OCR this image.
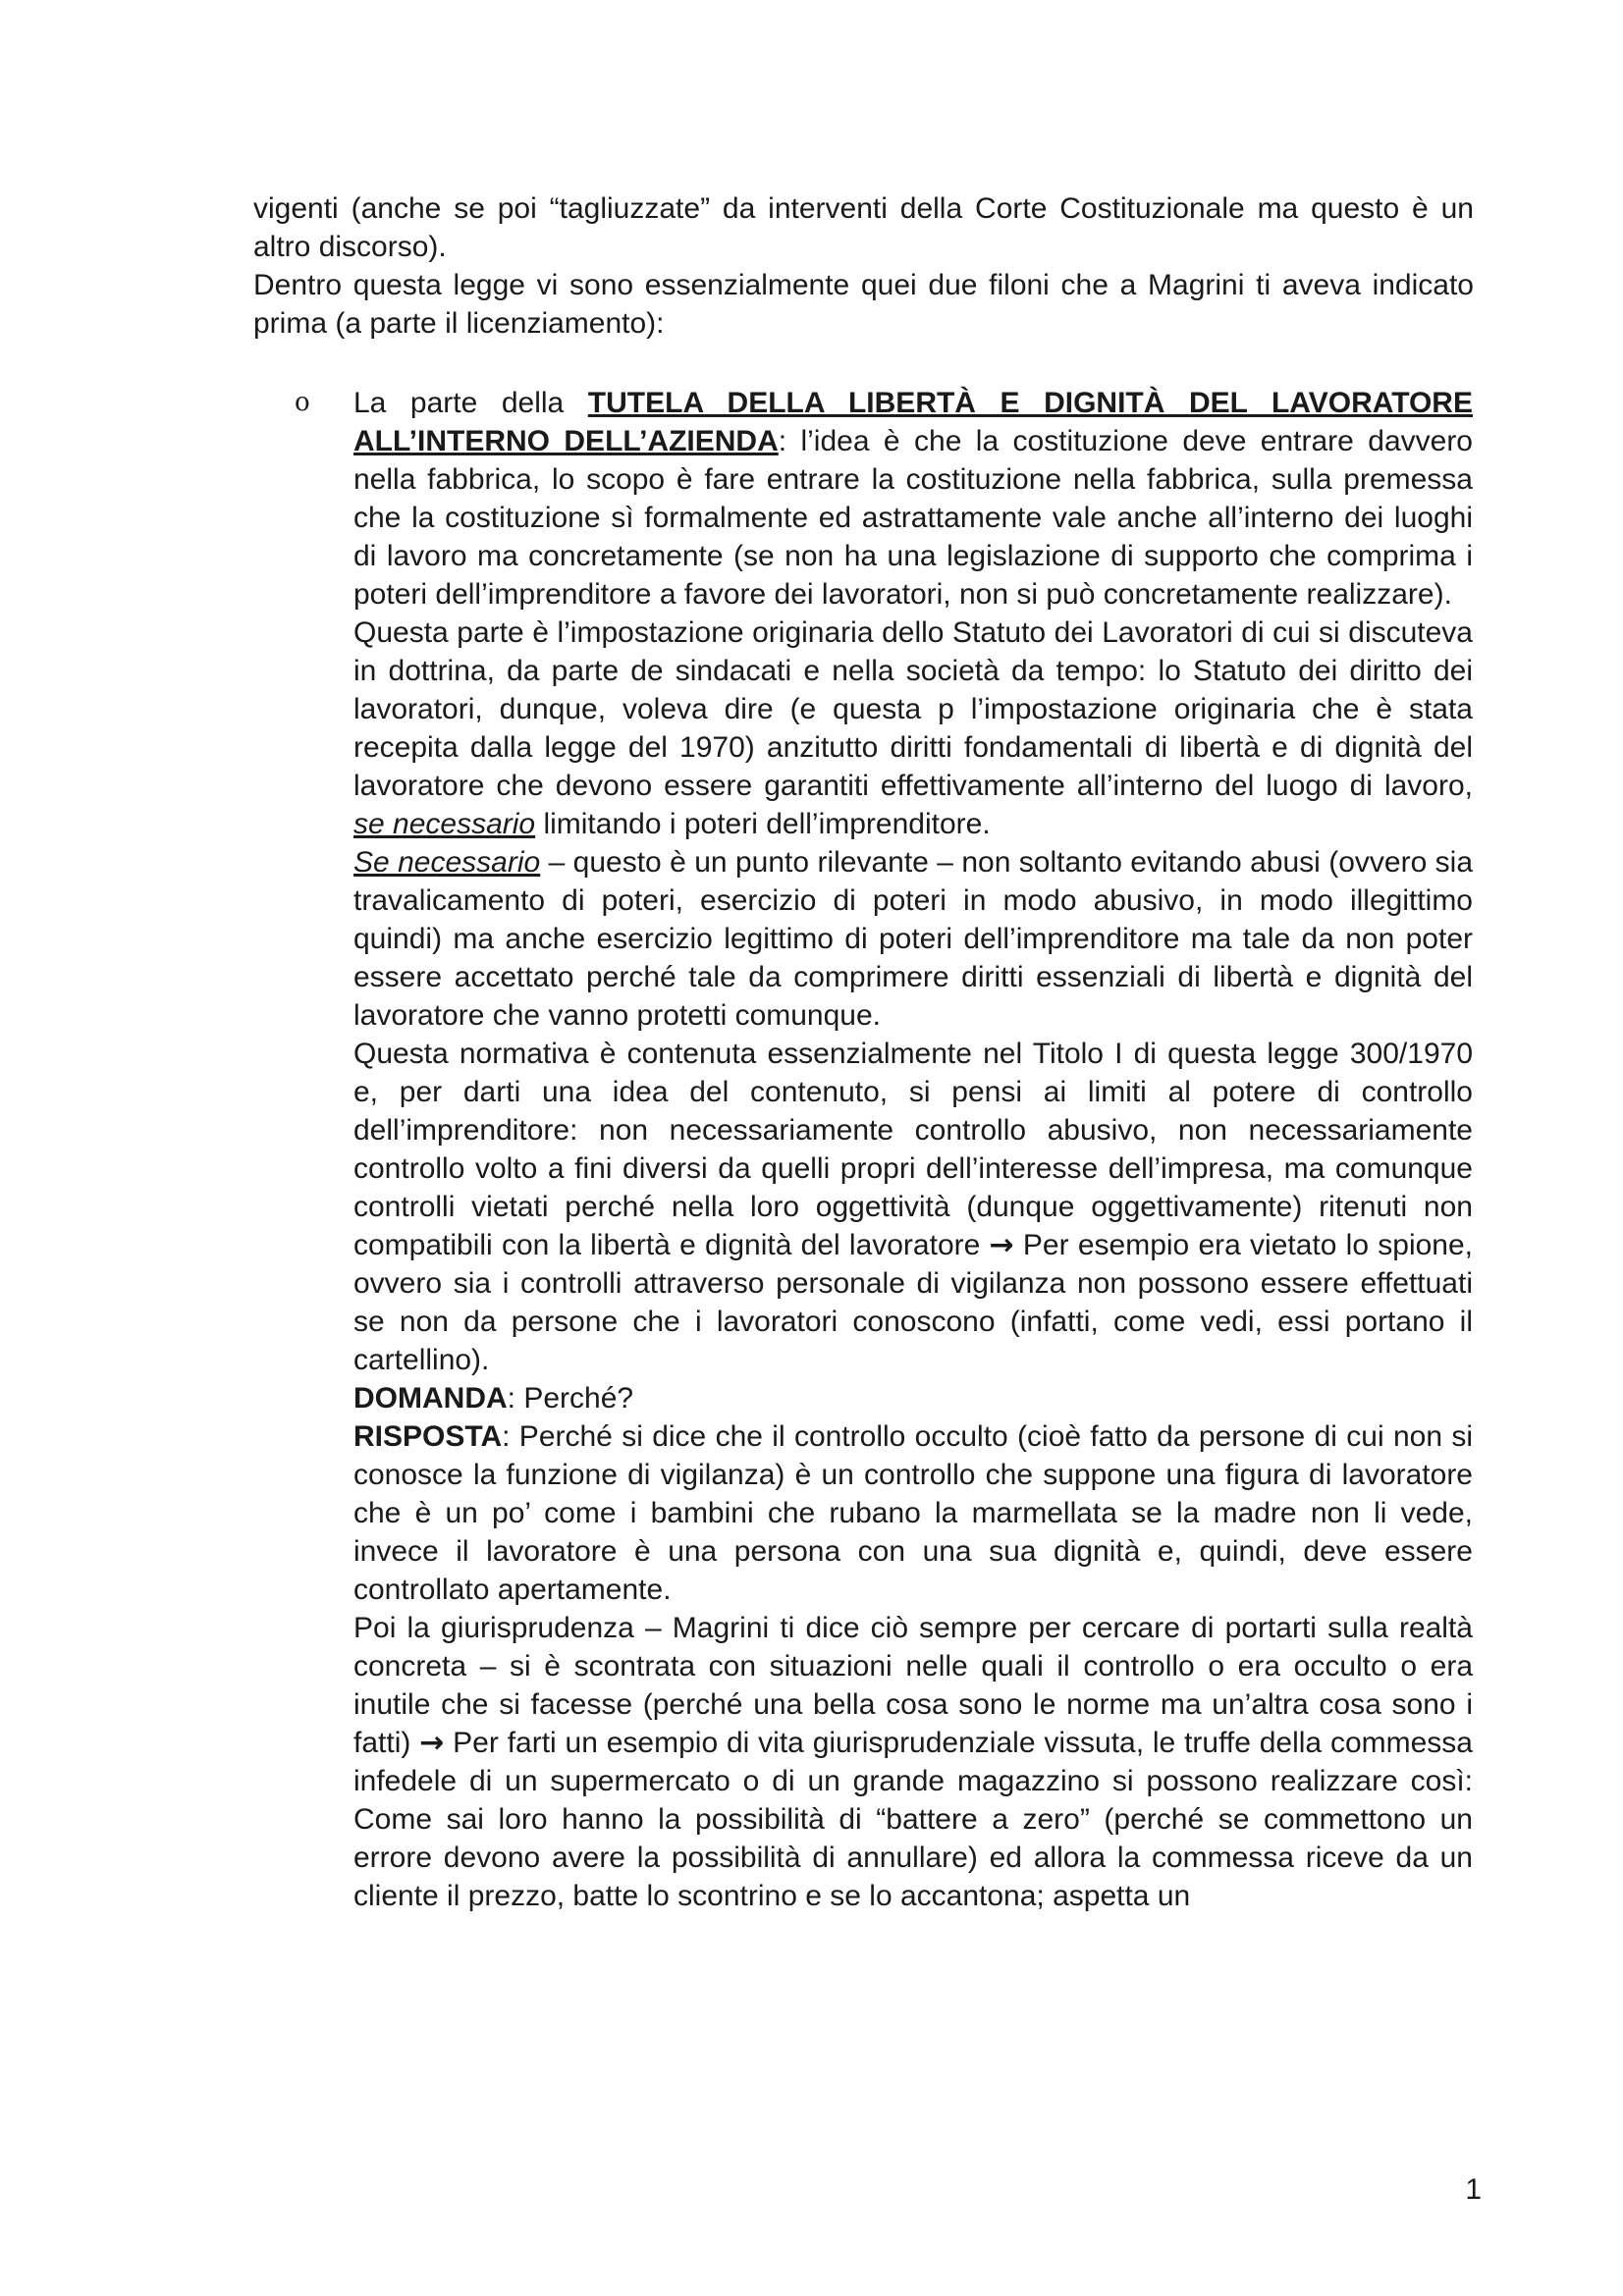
vigenti (anche se poi “tagliuzzate” da interventi della Corte Costituzionale ma questo è un altro discorso).

Dentro questa legge vi sono essenzialmente quei due filoni che a Magrini ti aveva indicato prima (a parte il licenziamento):

o La parte della TUTELA DELLA LIBERTÀ E DIGNITÀ DEL LAVORATORE ALL’INTERNO DELL’AZIENDA: l’idea è che la costituzione deve entrare davvero nella fabbrica, lo scopo è fare entrare la costituzione nella fabbrica, sulla premessa che la costituzione sì formalmente ed astrattamente vale anche all’interno dei luoghi di lavoro ma concretamente (se non ha una legislazione di supporto che comprima i poteri dell’imprenditore a favore dei lavoratori, non si può concretamente realizzare).

Questa parte è l’impostazione originaria dello Statuto dei Lavoratori di cui si discuteva in dottrina, da parte de sindacati e nella società da tempo: lo Statuto dei diritto dei lavoratori, dunque, voleva dire (e questa p l’impostazione originaria che è stata recepita dalla legge del 1970) anzitutto diritti fondamentali di libertà e di dignità del lavoratore che devono essere garantiti effettivamente all’interno del luogo di lavoro, se necessario limitando i poteri dell’imprenditore.

Se necessario – questo è un punto rilevante – non soltanto evitando abusi (ovvero sia travalicamento di poteri, esercizio di poteri in modo abusivo, in modo illegittimo quindi) ma anche esercizio legittimo di poteri dell’imprenditore ma tale da non poter essere accettato perché tale da comprimere diritti essenziali di libertà e dignità del lavoratore che vanno protetti comunque.

Questa normativa è contenuta essenzialmente nel Titolo I di questa legge 300/1970 e, per darti una idea del contenuto, si pensi ai limiti al potere di controllo dell’imprenditore: non necessariamente controllo abusivo, non necessariamente controllo volto a fini diversi da quelli propri dell’interesse dell’impresa, ma comunque controlli vietati perché nella loro oggettività (dunque oggettivamente) ritenuti non compatibili con la libertà e dignità del lavoratore → Per esempio era vietato lo spione, ovvero sia i controlli attraverso personale di vigilanza non possono essere effettuati se non da persone che i lavoratori conoscono (infatti, come vedi, essi portano il cartellino).

DOMANDA: Perché?

RISPOSTA: Perché si dice che il controllo occulto (cioè fatto da persone di cui non si conosce la funzione di vigilanza) è un controllo che suppone una figura di lavoratore che è un po’ come i bambini che rubano la marmellata se la madre non li vede, invece il lavoratore è una persona con una sua dignità e, quindi, deve essere controllato apertamente.

Poi la giurisprudenza – Magrini ti dice ciò sempre per cercare di portarti sulla realtà concreta – si è scontrata con situazioni nelle quali il controllo o era occulto o era inutile che si facesse (perché una bella cosa sono le norme ma un’altra cosa sono i fatti) → Per farti un esempio di vita giurisprudenziale vissuta, le truffe della commessa infedele di un supermercato o di un grande magazzino si possono realizzare così: Come sai loro hanno la possibilità di “battere a zero” (perché se commettono un errore devono avere la possibilità di annullare) ed allora la commessa riceve da un cliente il prezzo, batte lo scontrino e se lo accantona; aspetta un

1
